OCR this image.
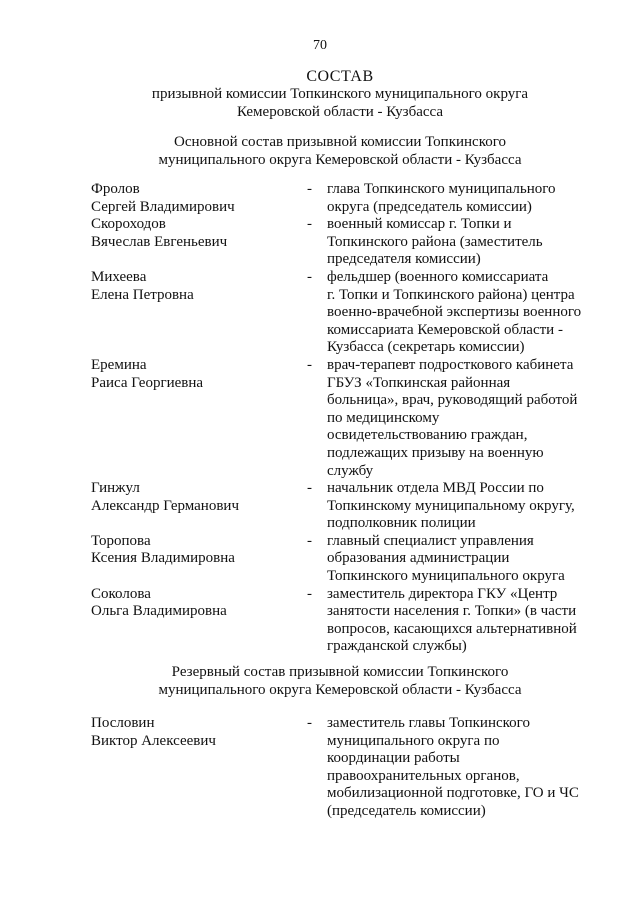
70
СОСТАВ
призывной комиссии Топкинского муниципального округа
Кемеровской области - Кузбасса
Основной состав призывной комиссии Топкинского
муниципального округа Кемеровской области - Кузбасса
Фролов
Сергей Владимирович
- глава Топкинского муниципального
округа (председатель комиссии)
Скороходов
Вячеслав Евгеньевич
- военный комиссар г. Топки и
Топкинского района (заместитель
председателя комиссии)
Михеева
Елена Петровна
- фельдшер (военного комиссариата
г. Топки и Топкинского района) центра
военно-врачебной экспертизы военного
комиссариата Кемеровской области -
Кузбасса (секретарь комиссии)
Еремина
Раиса Георгиевна
- врач-терапевт подросткового кабинета
ГБУЗ «Топкинская районная
больница», врач, руководящий работой
по медицинскому
освидетельствованию граждан,
подлежащих призыву на военную
службу
Гинжул
Александр Германович
- начальник отдела МВД России по
Топкинскому муниципальному округу,
подполковник полиции
Торопова
Ксения Владимировна
- главный специалист управления
образования администрации
Топкинского муниципального округа
Соколова
Ольга Владимировна
- заместитель директора ГКУ «Центр
занятости населения г. Топки» (в части
вопросов, касающихся альтернативной
гражданской службы)
Резервный состав призывной комиссии Топкинского
муниципального округа Кемеровской области - Кузбасса
Пословин
Виктор Алексеевич
- заместитель главы Топкинского
муниципального округа по
координации работы
правоохранительных органов,
мобилизационной подготовке, ГО и ЧС
(председатель комиссии)
